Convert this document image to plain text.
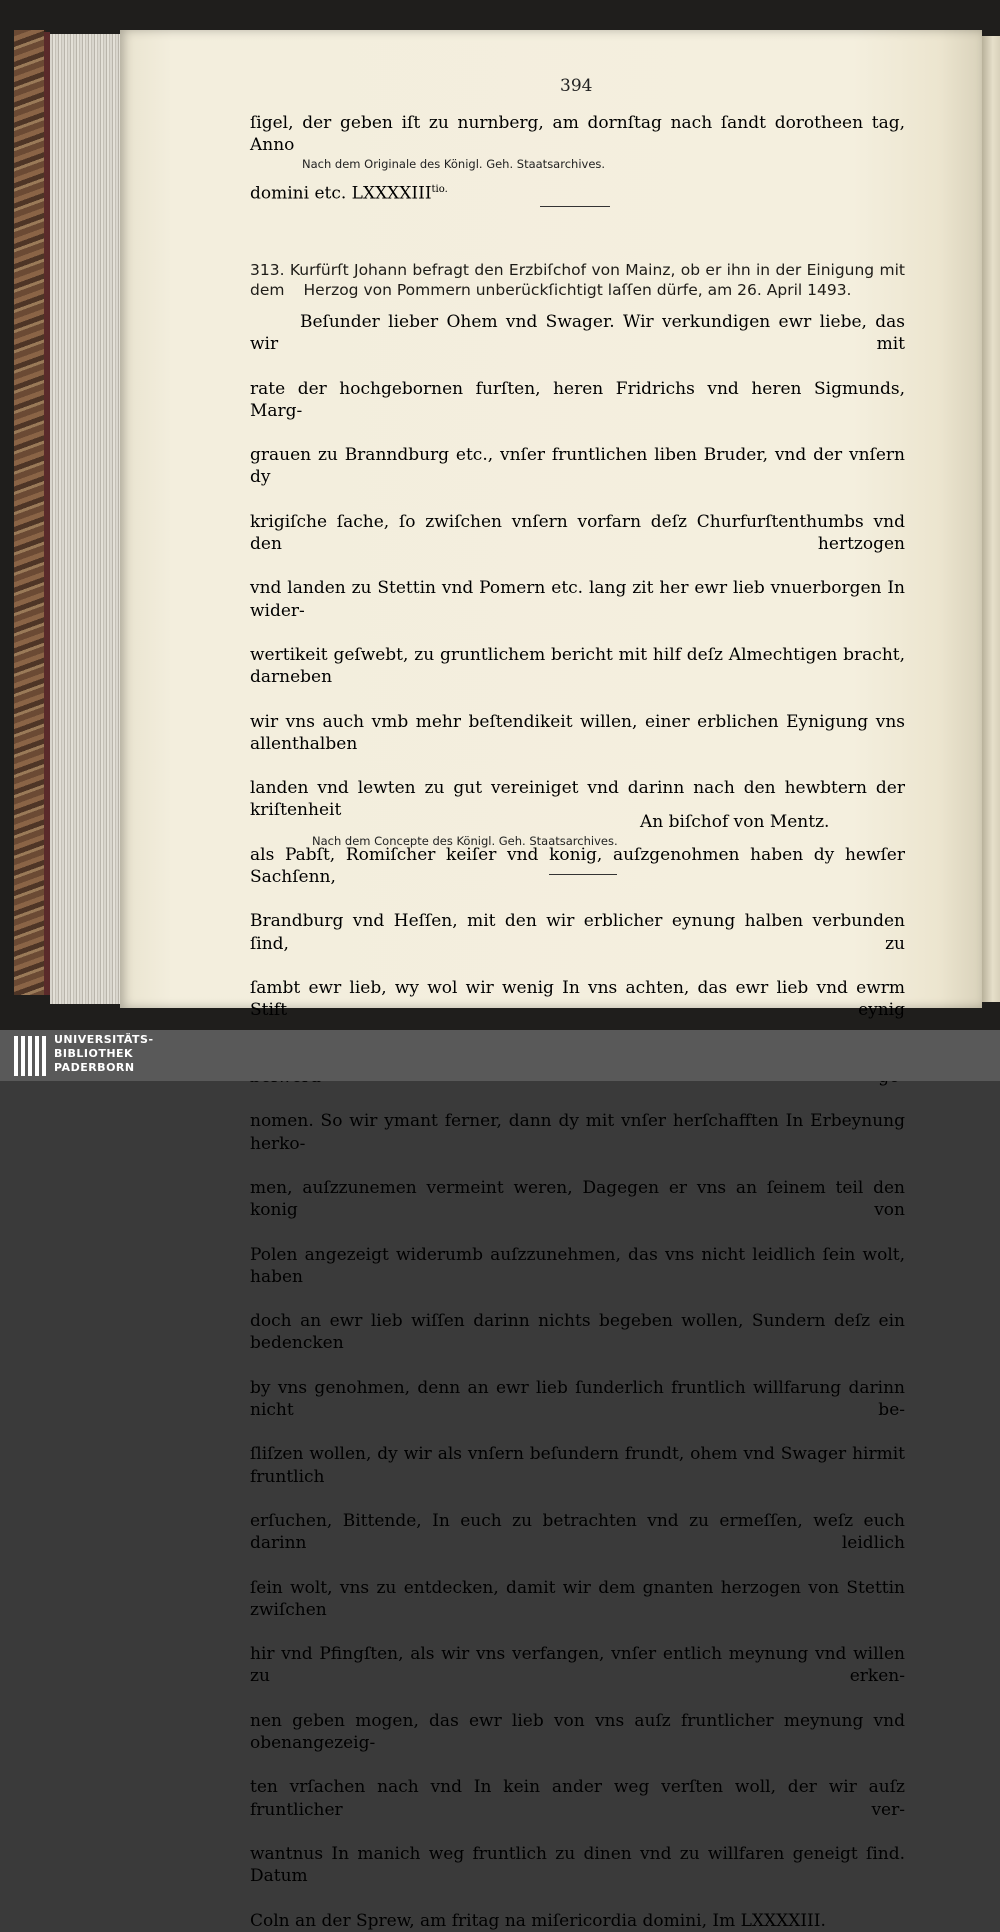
394

ſigel, der geben iſt zu nurnberg, am dornſtag nach ſandt dorotheen tag, Anno

domini etc. $LXXXXIII^{tio.}$

Nach dem Originale des Königl. Geh. Staatsarchives.
313. Kurfürſt Johann befragt den Erzbiſchof von Mainz, ob er ihn in der Einigung mit dem	Herzog von Pommern unberückſichtigt laſſen dürfe, am 26. April 1493.

Beſunder lieber Ohem vnd Swager. Wir verkundigen ewr liebe, das wir mit

rate der hochgebornen furſten, heren Fridrichs vnd heren Sigmunds, Marg-

grauen zu Branndburg etc., vnſer fruntlichen liben Bruder, vnd der vnſern dy

krigiſche ſache, ſo zwiſchen vnſern vorfarn deſz Churfurſtenthumbs vnd den hertzogen

vnd landen zu Stettin vnd Pomern etc. lang zit her ewr lieb vnuerborgen In wider-

wertikeit geſwebt, zu gruntlichem bericht mit hilf deſz Almechtigen bracht, darneben

wir vns auch vmb mehr beſtendikeit willen, einer erblichen Eynigung vns allenthalben

landen vnd lewten zu gut vereiniget vnd darinn nach den hewbtern der kriſtenheit

als Pabſt, Romiſcher keiſer vnd konig, auſzgenohmen haben dy hewſer Sachſenn,

Brandburg vnd Heſſen, mit den wir erblicher eynung halben verbunden ſind, zu

ſambt ewr lieb, wy wol wir wenig In vns achten, das ewr lieb vnd ewrm Stift eynig

nomen. So wir ymant ferner, dann dy mit vnſer herſchafften In Erbeynung herko-

men, auſzzunemen vermeint weren, Dagegen er vns an ſeinem teil den konig von

Polen angezeigt widerumb auſzzunehmen, das vns nicht leidlich ſein wolt, haben

doch an ewr lieb wiſſen darinn nichts begeben wollen, Sundern deſz ein bedencken

by vns genohmen, denn an ewr lieb ſunderlich fruntlich willfarung darinn nicht be-

ſliſzen wollen, dy wir als vnſern beſundern frundt, ohem vnd Swager hirmit fruntlich

erſuchen, Bittende, In euch zu betrachten vnd zu ermeſſen, weſz euch darinn leidlich

ſein wolt, vns zu entdecken, damit wir dem gnanten herzogen von Stettin zwiſchen

hir vnd Pfingſten, als wir vns verfangen, vnſer entlich meynung vnd willen zu erken-

nen geben mogen, das ewr lieb von vns auſz fruntlicher meynung vnd obenangezeig-

ten vrſachen nach vnd In kein ander weg verſten woll, der wir auſz fruntlicher ver-

wantnus In manich weg fruntlich zu dinen vnd zu willfaren geneigt ſind. Datum

Coln an der Sprew, am fritag na miſericordia domini, Im LXXXXIII.

An biſchof von Mentz.
Nach dem Concepte des Königl. Geh. Staatsarchives.
UNIVERSITÄTS-
BIBLIOTHEK
PADERBORN
